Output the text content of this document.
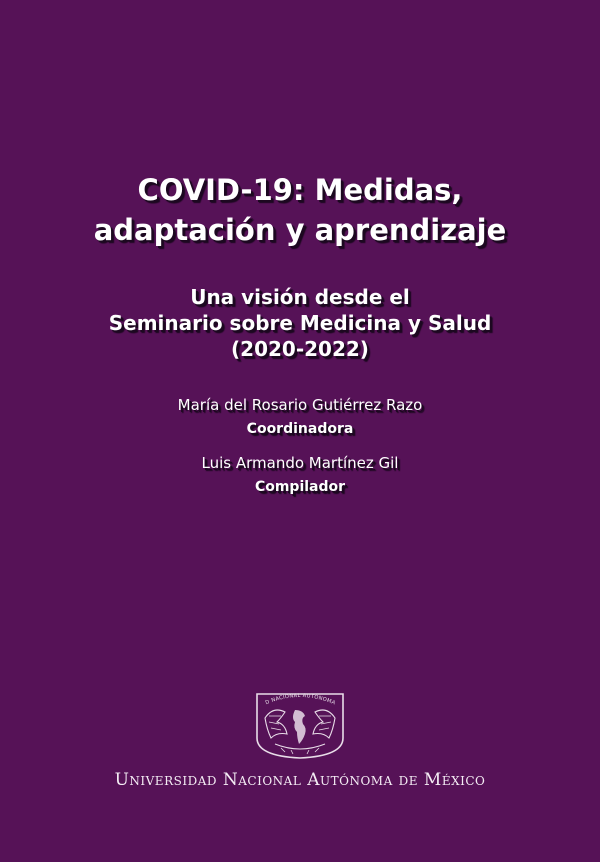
COVID-19: Medidas,
adaptación y aprendizaje
Una visión desde el
Seminario sobre Medicina y Salud
(2020-2022)
María del Rosario Gutiérrez Razo
Coordinadora
Luis Armando Martínez Gil
Compilador
D NACIONAL AUTÓNOMA
Universidad Nacional Autónoma de México
